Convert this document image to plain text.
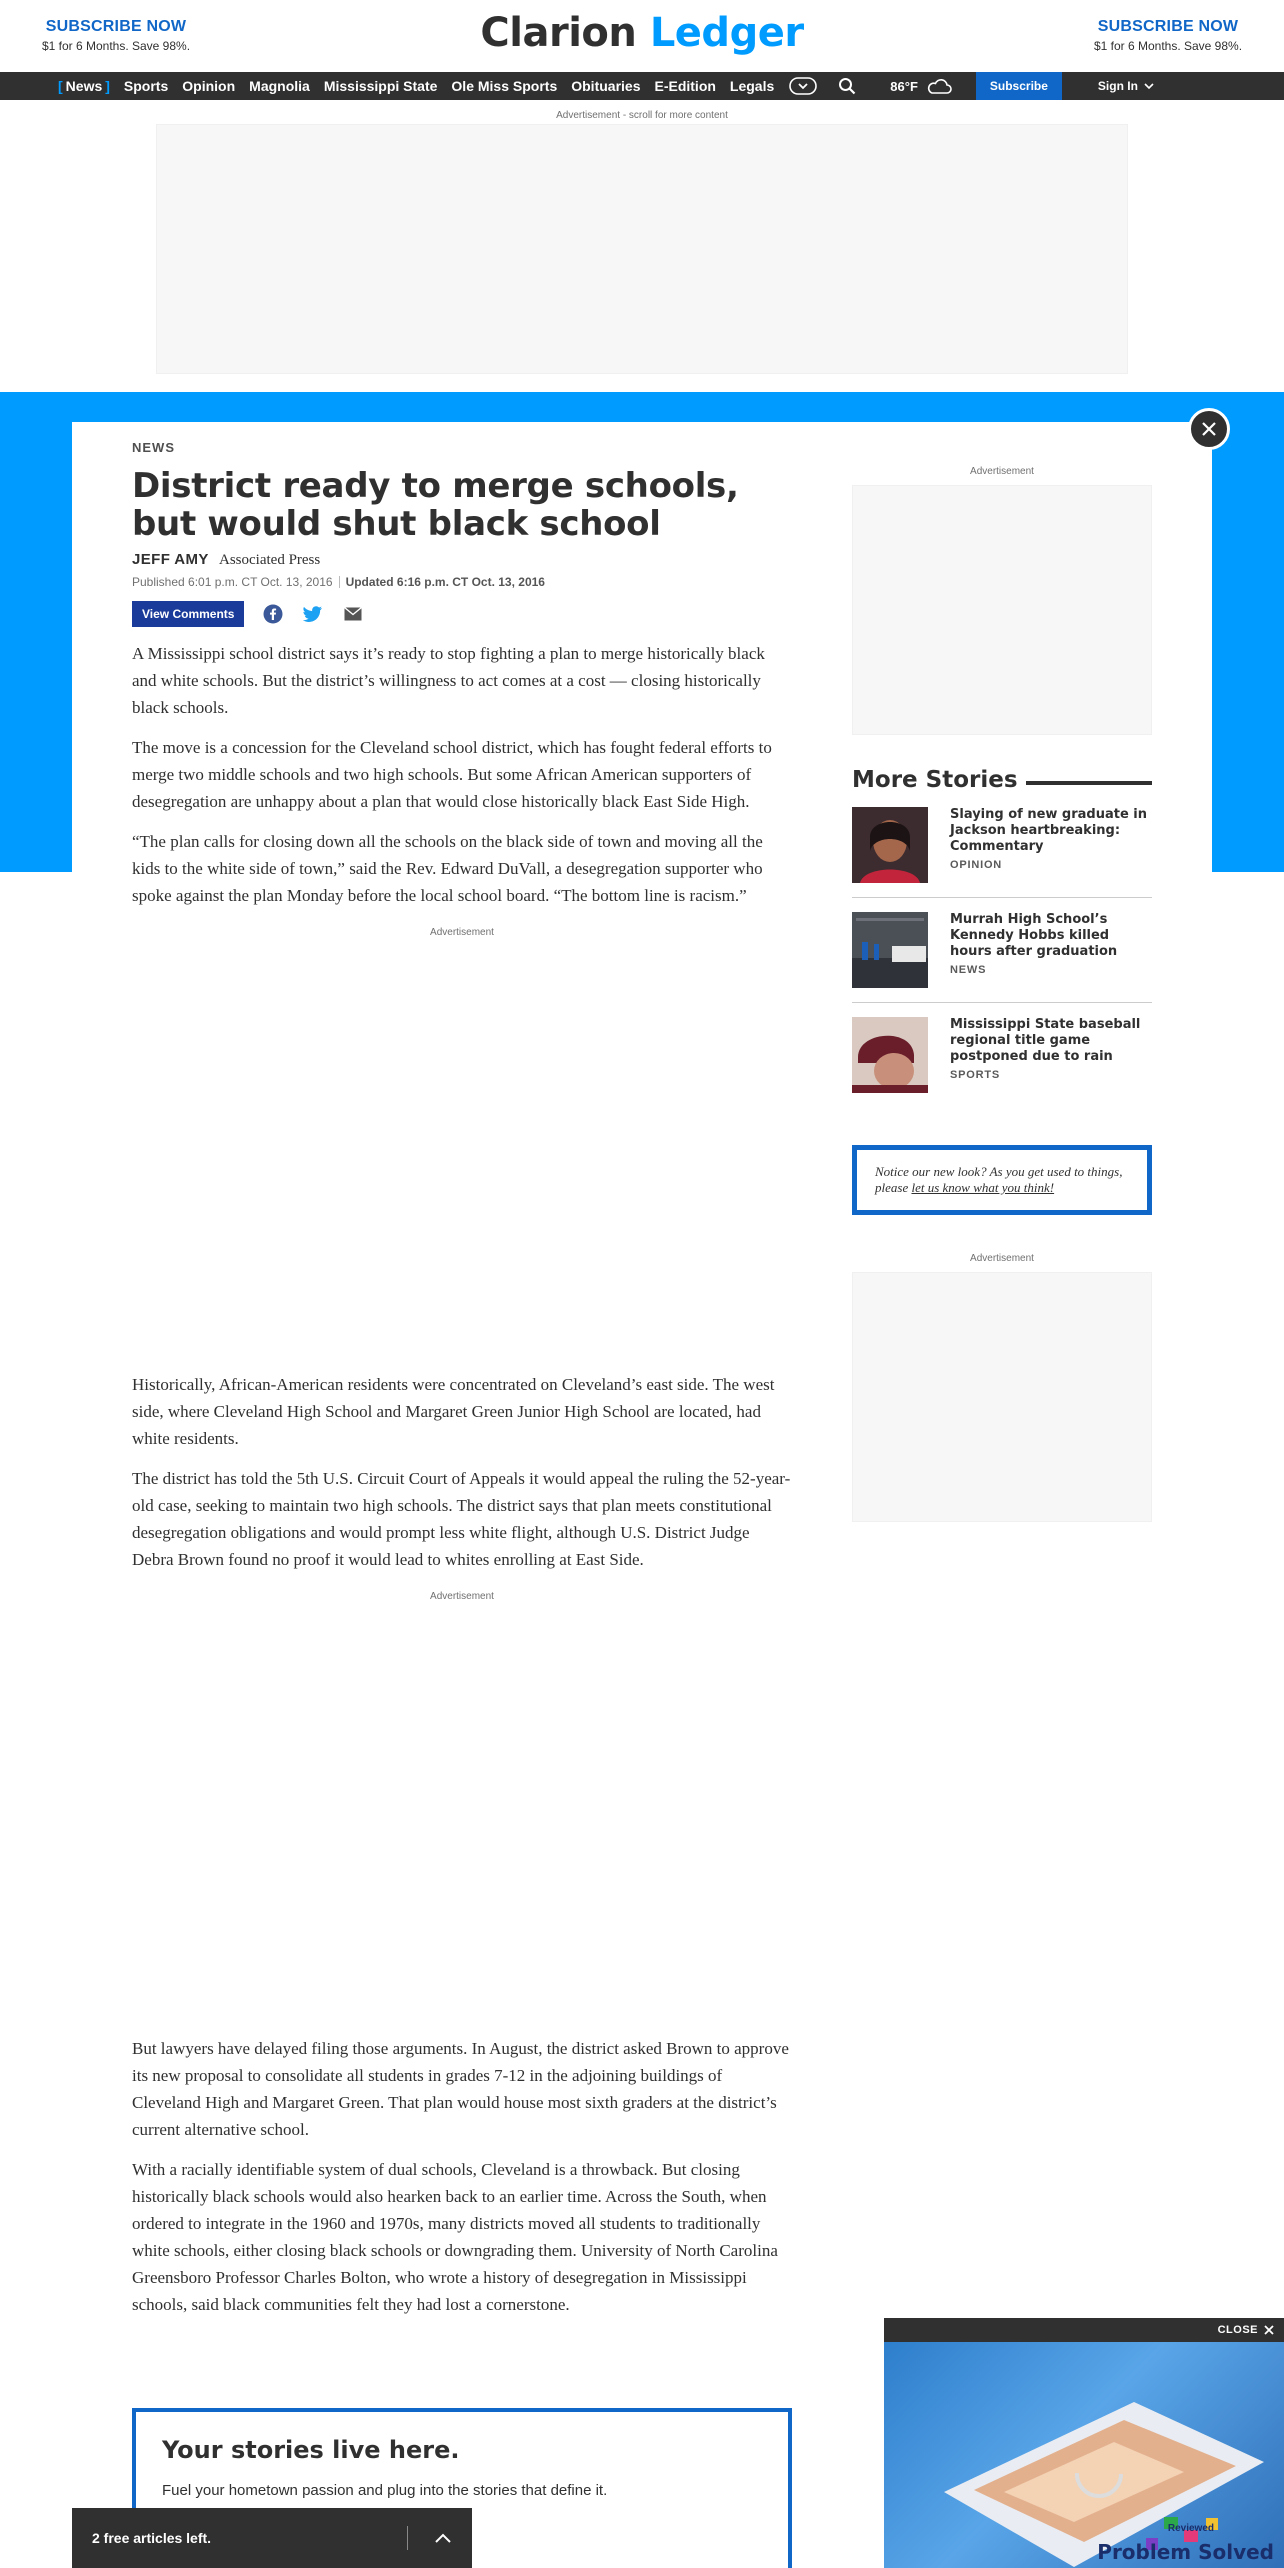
SUBSCRIBE NOW
$1 for 6 Months. Save 98%.	Clarion Ledger	SUBSCRIBE NOW
$1 for 6 Months. Save 98%.
[ News ]	Sports Opinion Magnolia Mississippi State Ole Miss Sports Obituaries E-Edition Legals	86°F	Subscribe	Sign In
Advertisement - scroll for more content
NEWS
District ready to merge schools, but would shut black school
JEFF AMY Associated Press
Published 6:01 p.m. CT Oct. 13, 2016 Updated 6:16 p.m. CT Oct. 13, 2016
View Comments

A Mississippi school district says it’s ready to stop fighting a plan to merge historically black and white schools. But the district’s willingness to act comes at a cost — closing historically black schools.

The move is a concession for the Cleveland school district, which has fought federal efforts to merge two middle schools and two high schools. But some African American supporters of desegregation are unhappy about a plan that would close historically black East Side High.

“The plan calls for closing down all the schools on the black side of town and moving all the kids to the white side of town,” said the Rev. Edward DuVall, a desegregation supporter who spoke against the plan Monday before the local school board. “The bottom line is racism.”

Advertisement

Historically, African-American residents were concentrated on Cleveland’s east side. The west side, where Cleveland High School and Margaret Green Junior High School are located, had white residents.

The district has told the 5th U.S. Circuit Court of Appeals it would appeal the ruling the 52-year-old case, seeking to maintain two high schools. The district says that plan meets constitutional desegregation obligations and would prompt less white flight, although U.S. District Judge Debra Brown found no proof it would lead to whites enrolling at East Side.

Advertisement

But lawyers have delayed filing those arguments. In August, the district asked Brown to approve its new proposal to consolidate all students in grades 7-12 in the adjoining buildings of Cleveland High and Margaret Green. That plan would house most sixth graders at the district’s current alternative school.

With a racially identifiable system of dual schools, Cleveland is a throwback. But closing historically black schools would also hearken back to an earlier time. Across the South, when ordered to integrate in the 1960 and 1970s, many districts moved all students to traditionally white schools, either closing black schools or downgrading them. University of North Carolina Greensboro Professor Charles Bolton, who wrote a history of desegregation in Mississippi schools, said black communities felt they had lost a cornerstone.

Advertisement
More Stories
Slaying of new graduate in Jackson heartbreaking: Commentary
OPINION
Murrah High School’s Kennedy Hobbs killed hours after graduation
NEWS
Mississippi State baseball regional title game postponed due to rain
SPORTS
Notice our new look? As you get used to things, please let us know what you think!
Advertisement
Your stories live here.
Fuel your hometown passion and plug into the stories that define it.
2 free articles left.
CLOSE
Reviewed
Problem Solved
